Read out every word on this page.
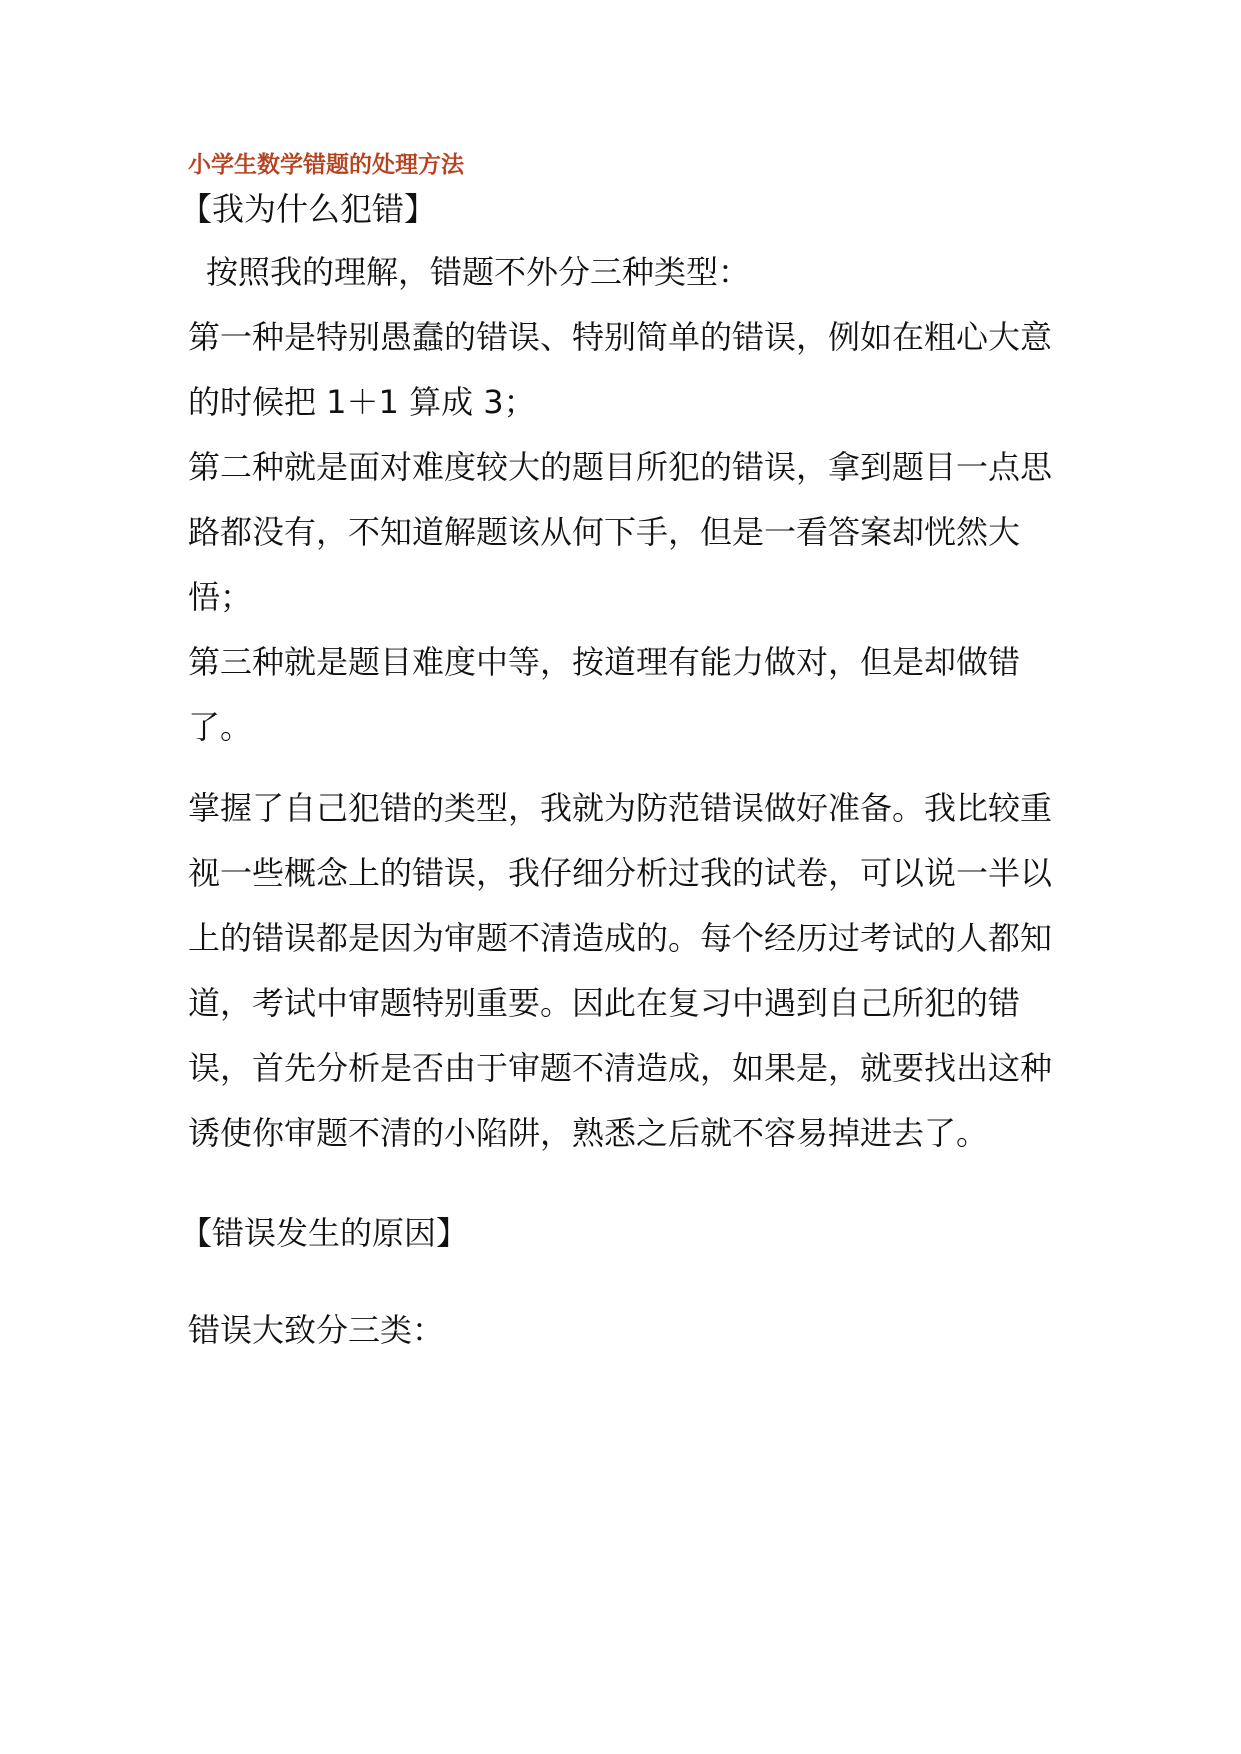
小学生数学错题的处理方法

【我为什么犯错】

按照我的理解，错题不外分三种类型：

第一种是特别愚蠢的错误、特别简单的错误，例如在粗心大意的时候把 1＋1 算成 3；

第二种就是面对难度较大的题目所犯的错误，拿到题目一点思路都没有，不知道解题该从何下手，但是一看答案却恍然大悟；

第三种就是题目难度中等，按道理有能力做对，但是却做错了。

掌握了自己犯错的类型，我就为防范错误做好准备。我比较重视一些概念上的错误，我仔细分析过我的试卷，可以说一半以上的错误都是因为审题不清造成的。每个经历过考试的人都知道，考试中审题特别重要。因此在复习中遇到自己所犯的错误，首先分析是否由于审题不清造成，如果是，就要找出这种诱使你审题不清的小陷阱，熟悉之后就不容易掉进去了。

【错误发生的原因】

错误大致分三类：
